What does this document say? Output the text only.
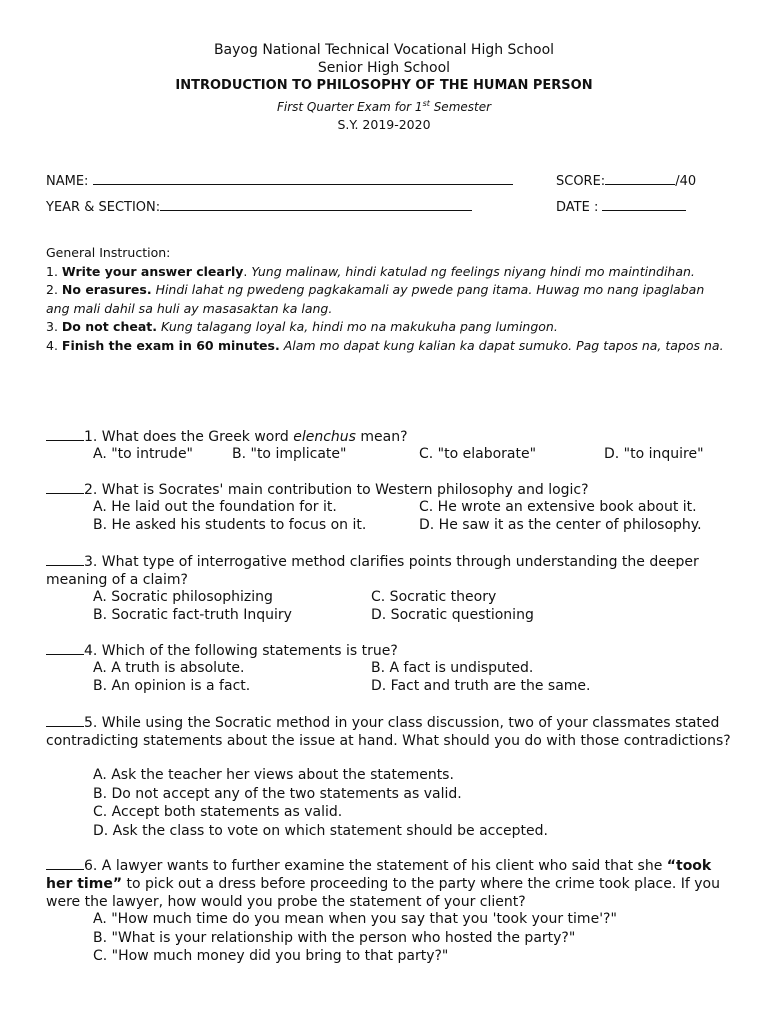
Bayog National Technical Vocational High School
Senior High School
INTRODUCTION TO PHILOSOPHY OF THE HUMAN PERSON
First Quarter Exam for 1st Semester
S.Y. 2019-2020
NAME:	SCORE:	/40
YEAR & SECTION:	DATE :
General Instruction:
1. Write your answer clearly. Yung malinaw, hindi katulad ng feelings niyang hindi mo maintindihan.
2. No erasures. Hindi lahat ng pwedeng pagkakamali ay pwede pang itama. Huwag mo nang ipaglaban ang mali dahil sa huli ay masasaktan ka lang.
3. Do not cheat. Kung talagang loyal ka, hindi mo na makukuha pang lumingon.
4. Finish the exam in 60 minutes. Alam mo dapat kung kalian ka dapat sumuko. Pag tapos na, tapos na.
1. What does the Greek word elenchus mean?
A. "to intrude"	B. "to implicate"	C. "to elaborate"	D. "to inquire"
2. What is Socrates' main contribution to Western philosophy and logic?
A. He laid out the foundation for it.
B. He asked his students to focus on it.
C. He wrote an extensive book about it.
D. He saw it as the center of philosophy.
3. What type of interrogative method clarifies points through understanding the deeper meaning of a claim?
A. Socratic philosophizing
B. Socratic fact-truth Inquiry
C. Socratic theory
D. Socratic questioning
4. Which of the following statements is true?
A. A truth is absolute.
B. An opinion is a fact.
B. A fact is undisputed.
D. Fact and truth are the same.
5. While using the Socratic method in your class discussion, two of your classmates stated contradicting statements about the issue at hand. What should you do with those contradictions?
A. Ask the teacher her views about the statements.
B. Do not accept any of the two statements as valid.
C. Accept both statements as valid.
D. Ask the class to vote on which statement should be accepted.
6. A lawyer wants to further examine the statement of his client who said that she “took her time” to pick out a dress before proceeding to the party where the crime took place. If you were the lawyer, how would you probe the statement of your client?
A. "How much time do you mean when you say that you 'took your time'?"
B. "What is your relationship with the person who hosted the party?"
C. "How much money did you bring to that party?"
